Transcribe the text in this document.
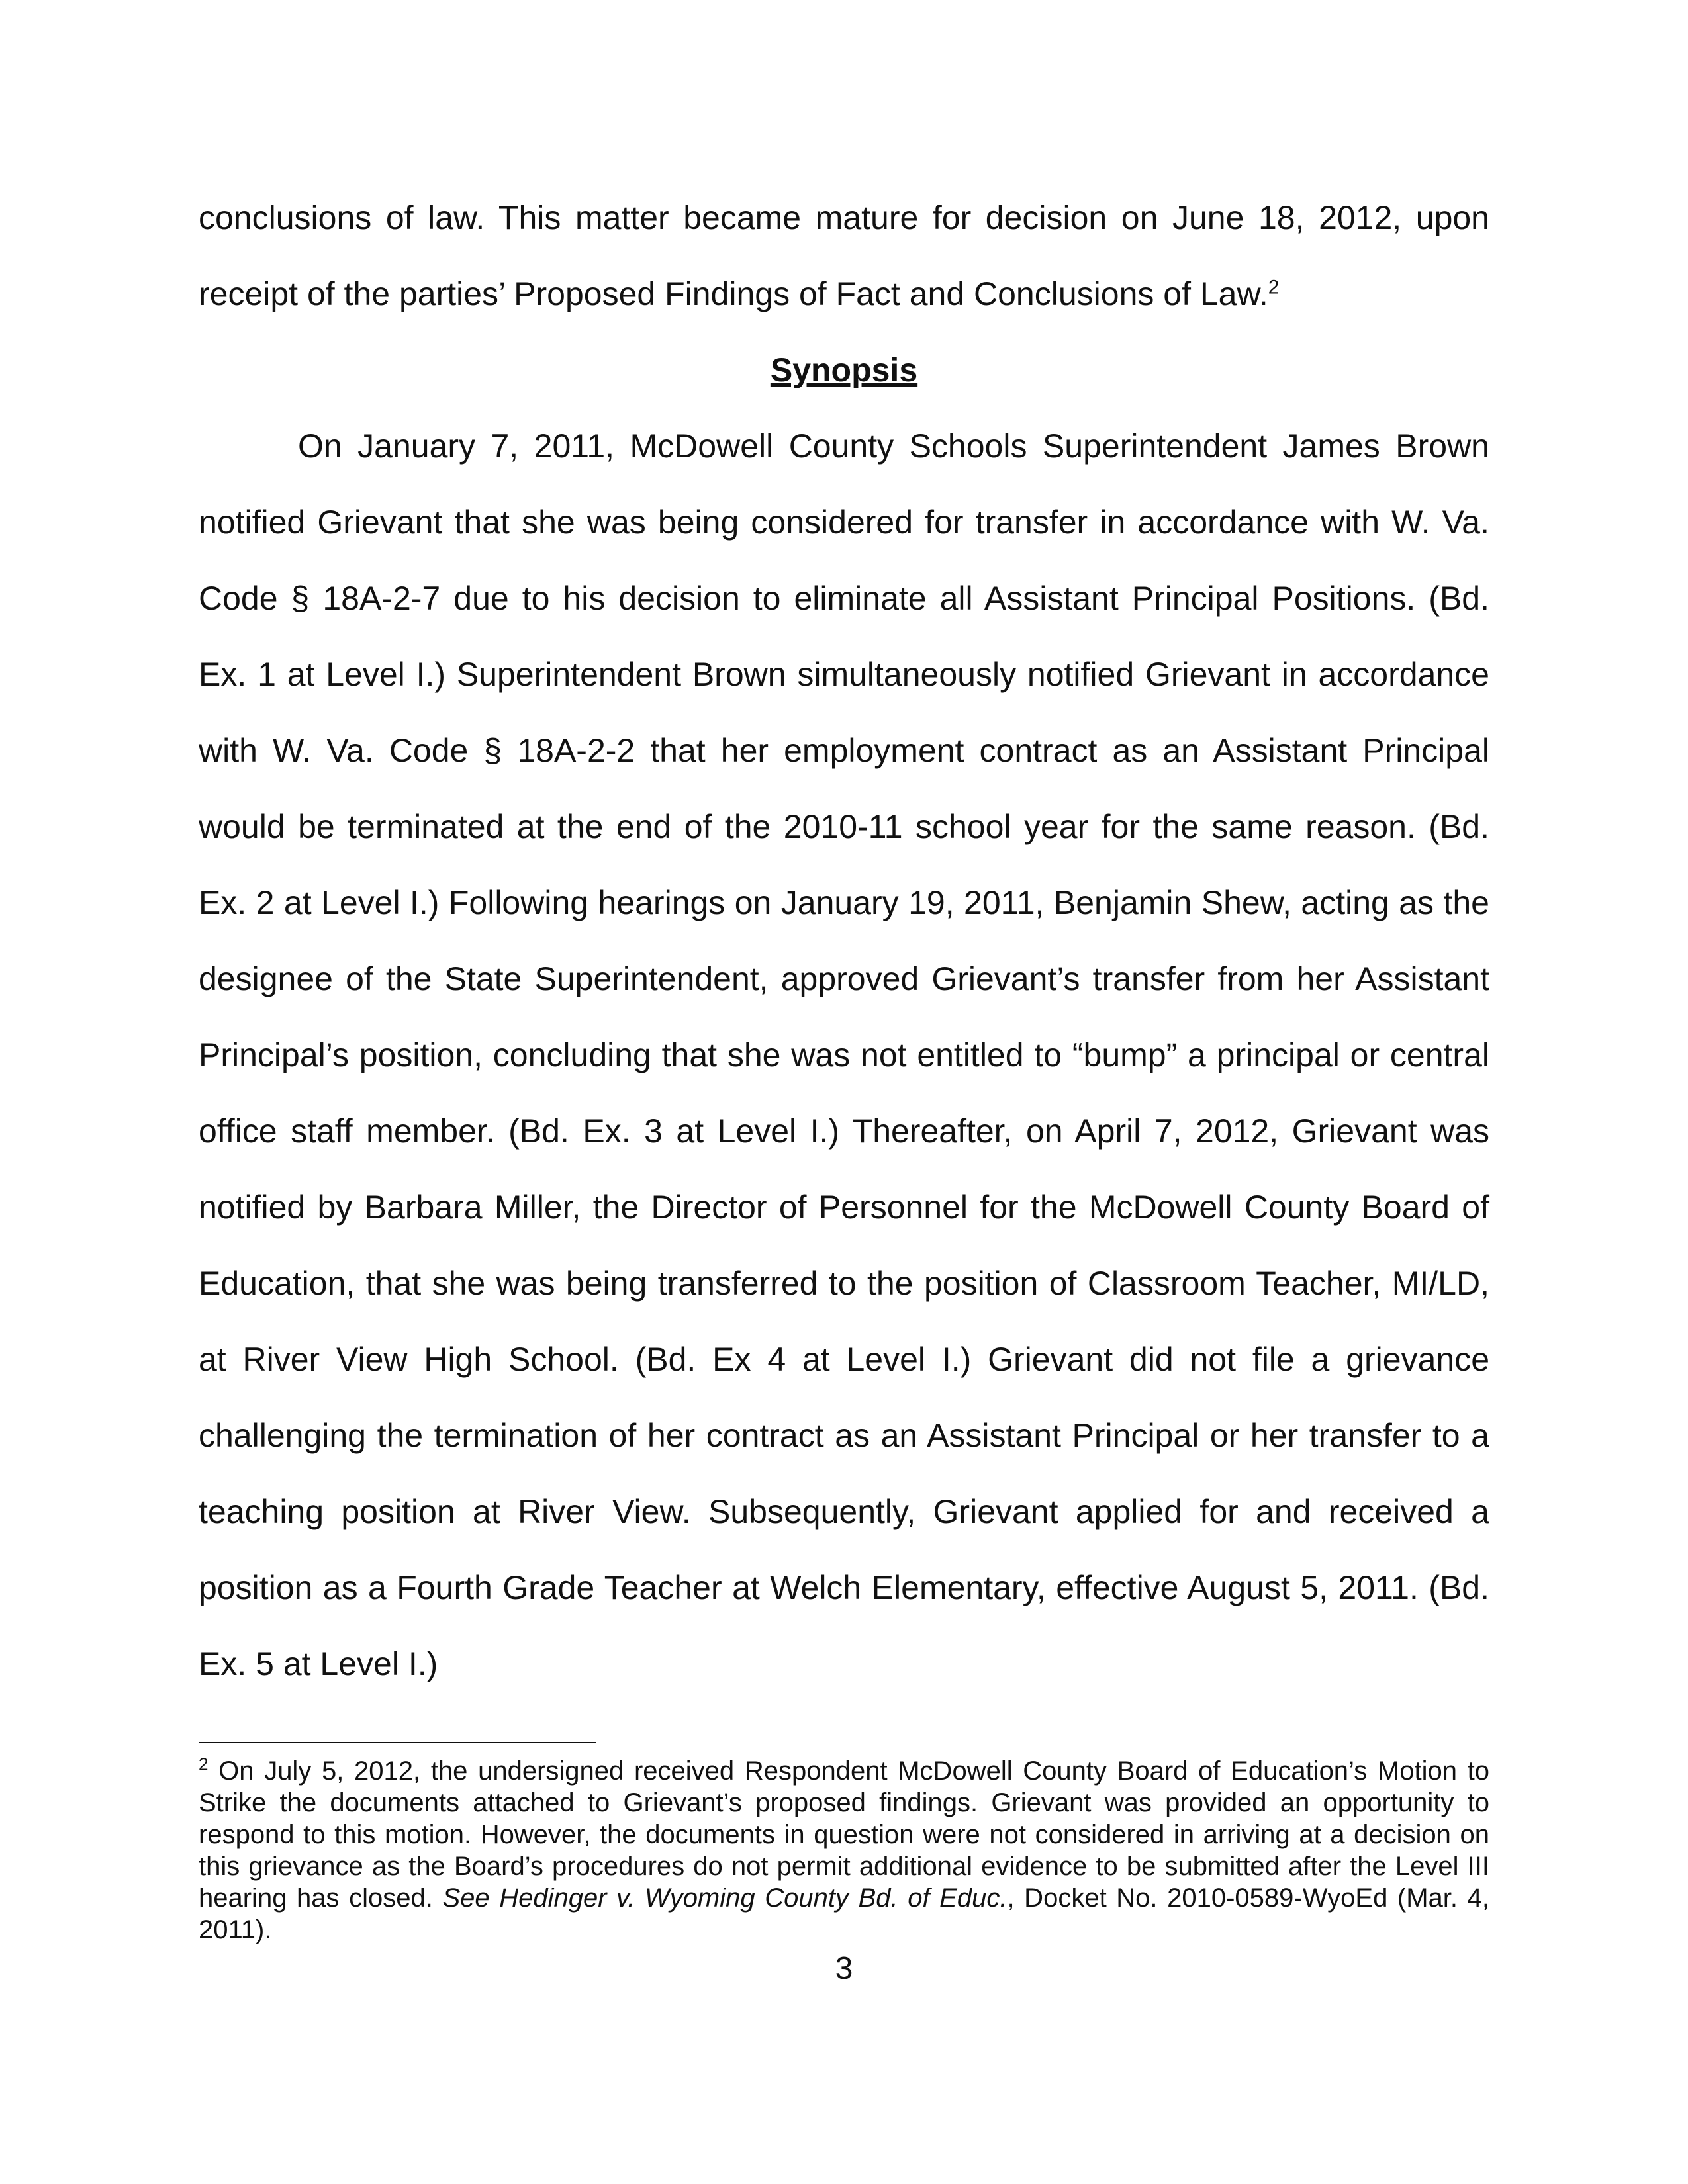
conclusions of law. This matter became mature for decision on June 18, 2012, upon receipt of the parties’ Proposed Findings of Fact and Conclusions of Law.$^2$

Synopsis

On January 7, 2011, McDowell County Schools Superintendent James Brown notified Grievant that she was being considered for transfer in accordance with W. Va. Code § 18A-2-7 due to his decision to eliminate all Assistant Principal Positions. (Bd. Ex. 1 at Level I.) Superintendent Brown simultaneously notified Grievant in accordance with W. Va. Code § 18A-2-2 that her employment contract as an Assistant Principal would be terminated at the end of the 2010-11 school year for the same reason. (Bd. Ex. 2 at Level I.) Following hearings on January 19, 2011, Benjamin Shew, acting as the designee of the State Superintendent, approved Grievant’s transfer from her Assistant Principal’s position, concluding that she was not entitled to “bump” a principal or central office staff member. (Bd. Ex. 3 at Level I.) Thereafter, on April 7, 2012, Grievant was notified by Barbara Miller, the Director of Personnel for the McDowell County Board of Education, that she was being transferred to the position of Classroom Teacher, MI/LD, at River View High School. (Bd. Ex 4 at Level I.) Grievant did not file a grievance challenging the termination of her contract as an Assistant Principal or her transfer to a teaching position at River View. Subsequently, Grievant applied for and received a position as a Fourth Grade Teacher at Welch Elementary, effective August 5, 2011. (Bd. Ex. 5 at Level I.)

$^2$ On July 5, 2012, the undersigned received Respondent McDowell County Board of Education’s Motion to Strike the documents attached to Grievant’s proposed findings. Grievant was provided an opportunity to respond to this motion. However, the documents in question were not considered in arriving at a decision on this grievance as the Board’s procedures do not permit additional evidence to be submitted after the Level III hearing has closed. See Hedinger v. Wyoming County Bd. of Educ., Docket No. 2010-0589-WyoEd (Mar. 4, 2011).

3
